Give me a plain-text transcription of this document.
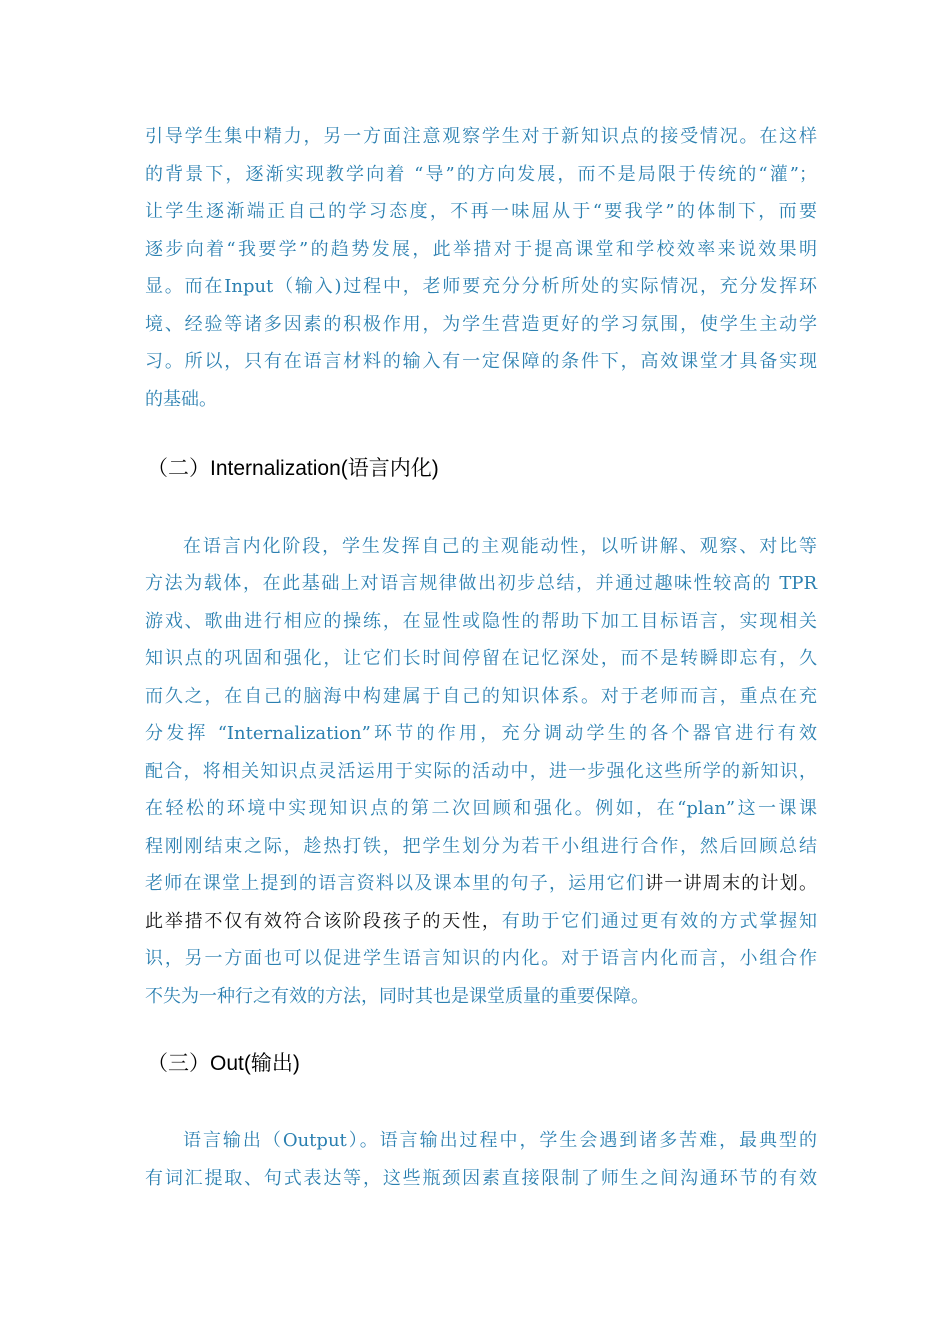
引导学生集中精力，另一方面注意观察学生对于新知识点的接受情况。在这样
的背景下，逐渐实现教学向着 “导”的方向发展，而不是局限于传统的“灌”；
让学生逐渐端正自己的学习态度，不再一味屈从于“要我学”的体制下，而要
逐步向着“我要学”的趋势发展，此举措对于提高课堂和学校效率来说效果明
显。而在Input（输入)过程中，老师要充分分析所处的实际情况，充分发挥环
境、经验等诸多因素的积极作用，为学生营造更好的学习氛围，使学生主动学
习。所以，只有在语言材料的输入有一定保障的条件下，高效课堂才具备实现
的基础。
（二）Internalization(语言内化)
在语言内化阶段，学生发挥自己的主观能动性，以听讲解、观察、对比等
方法为载体，在此基础上对语言规律做出初步总结，并通过趣味性较高的 TPR
游戏、歌曲进行相应的操练，在显性或隐性的帮助下加工目标语言，实现相关
知识点的巩固和强化，让它们长时间停留在记忆深处，而不是转瞬即忘有，久
而久之，在自己的脑海中构建属于自己的知识体系。对于老师而言，重点在充
分发挥 “Internalization”环节的作用，充分调动学生的各个器官进行有效
配合，将相关知识点灵活运用于实际的活动中，进一步强化这些所学的新知识，
在轻松的环境中实现知识点的第二次回顾和强化。例如，在“plan”这一课课
程刚刚结束之际，趁热打铁，把学生划分为若干小组进行合作，然后回顾总结
老师在课堂上提到的语言资料以及课本里的句子，运用它们讲一讲周末的计划。
此举措不仅有效符合该阶段孩子的天性，有助于它们通过更有效的方式掌握知
识，另一方面也可以促进学生语言知识的内化。对于语言内化而言，小组合作
不失为一种行之有效的方法，同时其也是课堂质量的重要保障。
（三）Out(输出)
语言输出（Output）。语言输出过程中，学生会遇到诸多苦难，最典型的
有词汇提取、句式表达等，这些瓶颈因素直接限制了师生之间沟通环节的有效
